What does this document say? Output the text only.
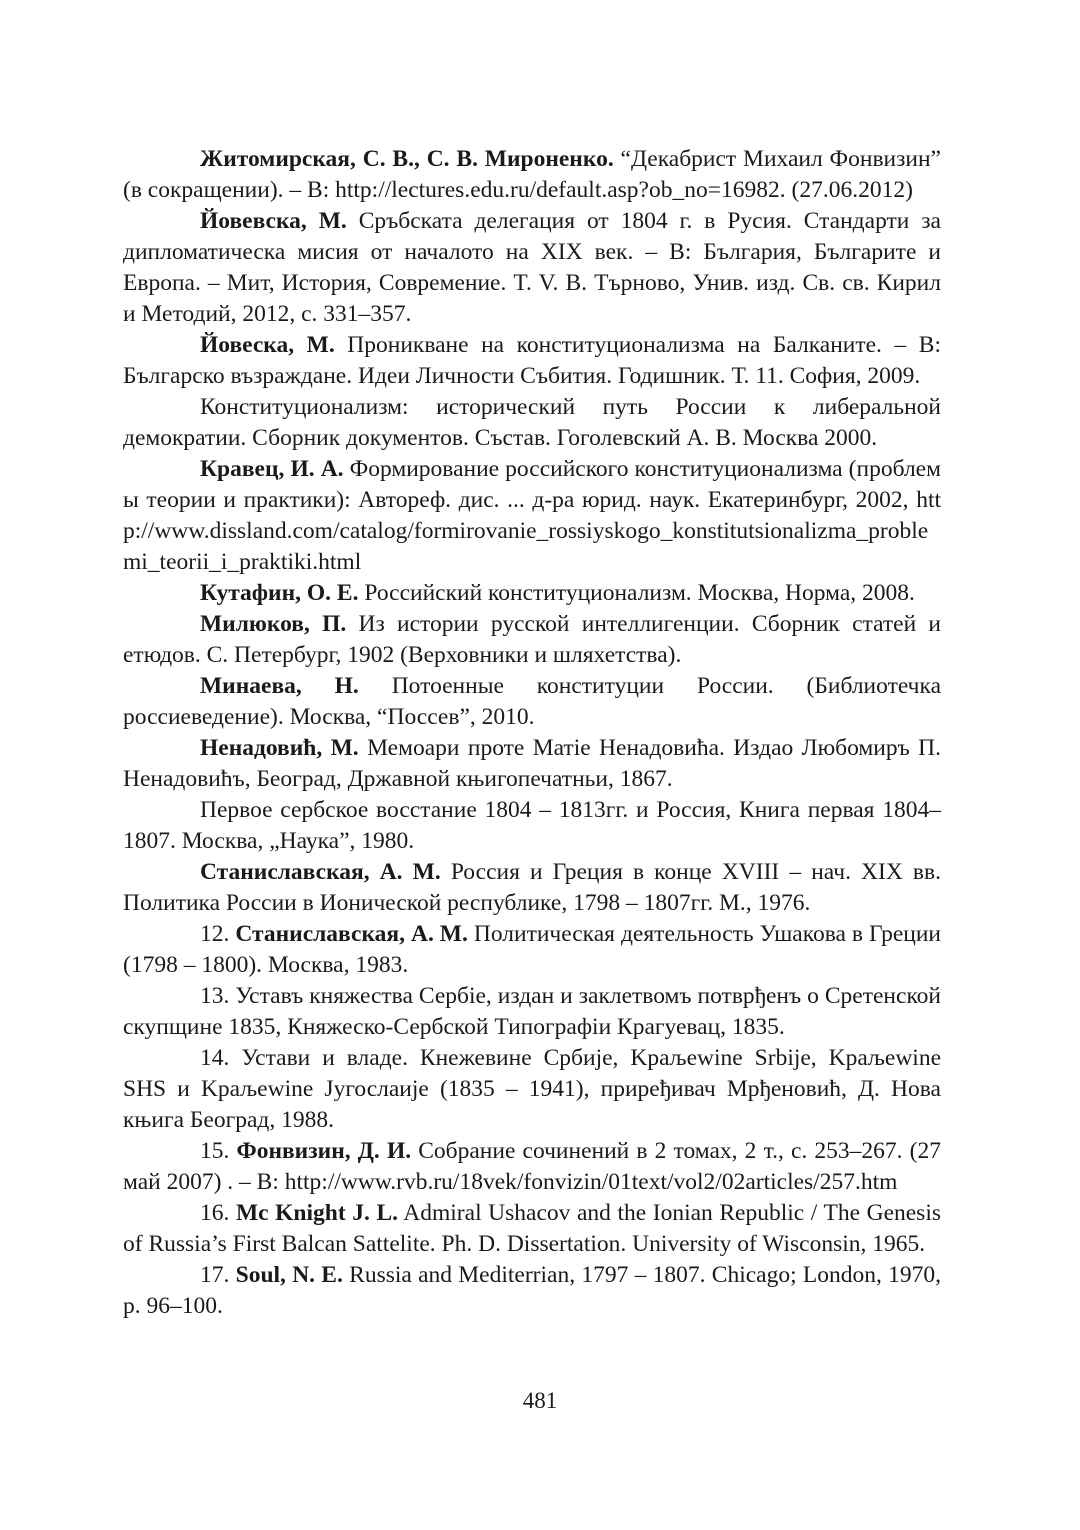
Житомирская, С. В., С. В. Мироненко. “Декабрист Михаил Фонвизин” (в сокращении). – В: http://lectures.edu.ru/default.asp?ob_no=16982. (27.06.2012)

Йовевска, М. Сръбската делегация от 1804 г. в Русия. Стандарти за дипломатическа мисия от началото на XIX век. – В: България, Българите и Европа. – Мит, История, Современие. T. V. В. Търново, Унив. изд. Св. св. Кирил и Методий, 2012, с. 331–357.

Йовеска, М. Проникване на конституционализма на Балканите. – В: Българско възраждане. Идеи Личности Събития. Годишник. Т. 11. София, 2009.

Конституционализм: исторический путь России к либеральной демократии. Сборник документов. Състав. Гоголевский А. В. Москва 2000.

Кравец, И. А. Формирование российского конституционализма (проблемы теории и практики): Автореф. дис. ... д-ра юрид. наук. Екатеринбург, 2002, http://www.dissland.com/catalog/formirovanie_rossiyskogo_konstitutsionalizma_problemi_teorii_i_praktiki.html

Кутафин, О. Е. Российский конституционализм. Москва, Норма, 2008.

Милюков, П. Из истории русской интеллигенции. Сборник статей и етюдов. С. Петербург, 1902 (Верховники и шляхетства).

Минаева, Н. Потоенные конституции России. (Библиотечка россиеведение). Москва, “Поссев”, 2010.

Ненадовић, М. Мемоари проте Матiе Ненадовића. Издао Любомиръ П. Ненадовићъ, Београд, Државной књигопечатньи, 1867.

Первое сербское восстание 1804 – 1813гг. и Россия, Книга первая 1804–1807. Москва, „Наука”, 1980.

Станиславская, А. М. Россия и Греция в конце XVIII – нач. XIX вв. Политика России в Ионической республике, 1798 – 1807гг. М., 1976.

12. Станиславская, А. М. Политическая деятельность Ушакова в Греции (1798 – 1800). Москва, 1983.

13. Уставъ княжества Сербiе, издан и заклетвомъ потврђенъ о Сретенской скупщине 1835, Княжеско-Сербской Типографiи Крагуевац, 1835.

14. Устави и владе. Кнежевине Србије, Kраљewine Srbije, Kраљewine SHS и Kраљewine Југослаије (1835 – 1941), приређивач Мрђеновић, Д. Нова књига Београд, 1988.

15. Фонвизин, Д. И. Собрание сочинений в 2 томах, 2 т., с. 253–267. (27 май 2007) . – В: http://www.rvb.ru/18vek/fonvizin/01text/vol2/02articles/257.htm

16. Mc Knight J. L. Admiral Ushacov and the Ionian Republic / The Genesis of Russia’s First Balcan Sattelite. Ph. D. Dissertation. University of Wisconsin, 1965.

17. Soul, N. E. Russia and Mediterrian, 1797 – 1807. Chicago; London, 1970, p. 96–100.

481
